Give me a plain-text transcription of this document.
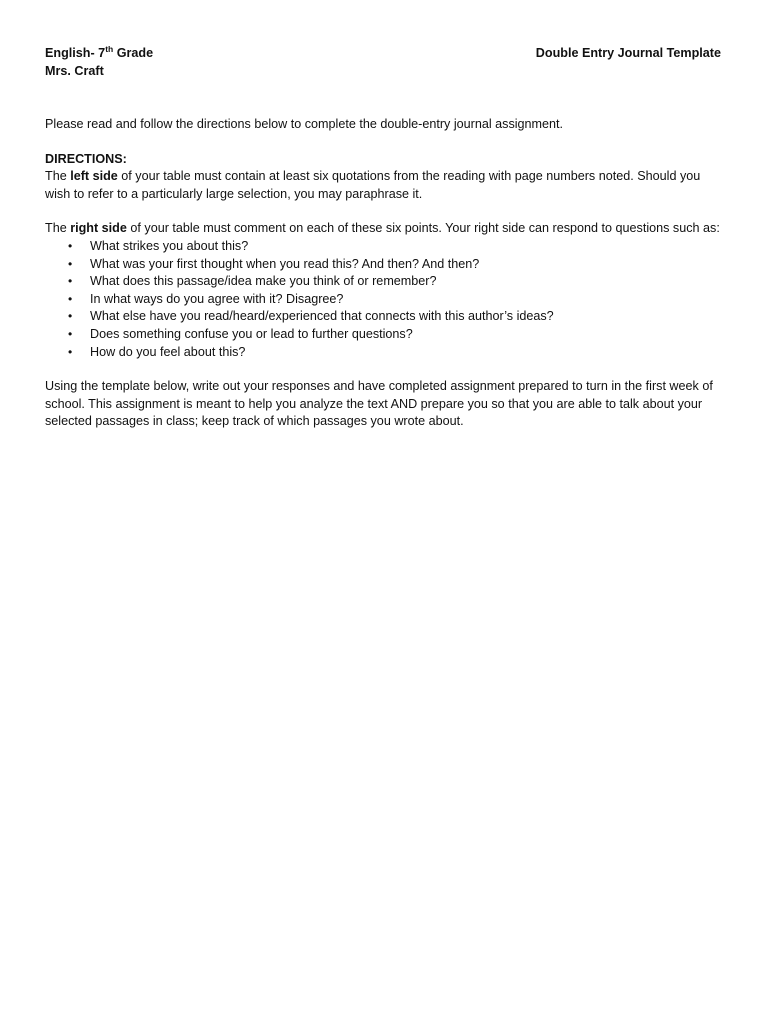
English- 7th Grade
Mrs. Craft
Double Entry Journal Template

Please read and follow the directions below to complete the double-entry journal assignment.

DIRECTIONS:

The left side of your table must contain at least six quotations from the reading with page numbers noted. Should you wish to refer to a particularly large selection, you may paraphrase it.

The right side of your table must comment on each of these six points. Your right side can respond to questions such as:

• What strikes you about this?
• What was your first thought when you read this? And then? And then?
• What does this passage/idea make you think of or remember?
• In what ways do you agree with it? Disagree?
• What else have you read/heard/experienced that connects with this author’s ideas?
• Does something confuse you or lead to further questions?
• How do you feel about this?

Using the template below, write out your responses and have completed assignment prepared to turn in the first week of school. This assignment is meant to help you analyze the text AND prepare you so that you are able to talk about your selected passages in class; keep track of which passages you wrote about.
